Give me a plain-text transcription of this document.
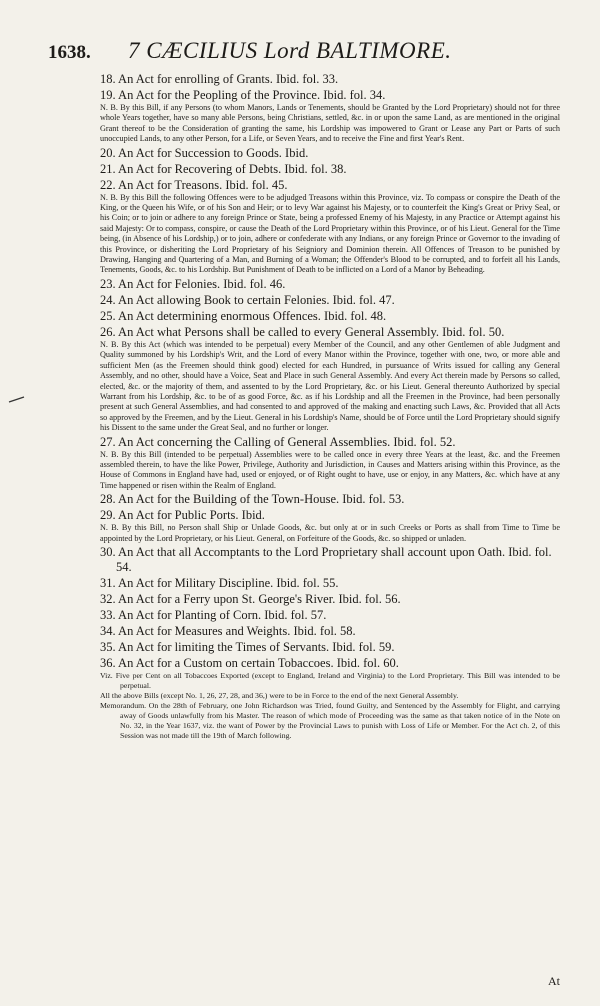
1638. 7 CÆCILIUS Lord BALTIMORE.

18. An Act for enrolling of Grants. Ibid. fol. 33.

19. An Act for the Peopling of the Province. Ibid. fol. 34.

N. B. By this Bill, if any Persons (to whom Manors, Lands or Tenements, should be Granted by the Lord Proprietary) should not for three whole Years together, have so many able Persons, being Christians, settled, &c. in or upon the same Land, as are mentioned in the original Grant thereof to be the Consideration of granting the same, his Lordship was impowered to Grant or Lease any Part or Parts of such unoccupied Lands, to any other Person, for a Life, or Seven Years, and to receive the Fine and first Year's Rent.

20. An Act for Succession to Goods. Ibid.

21. An Act for Recovering of Debts. Ibid. fol. 38.

22. An Act for Treasons. Ibid. fol. 45.

N. B. By this Bill the following Offences were to be adjudged Treasons within this Province, viz. To compass or conspire the Death of the King, or the Queen his Wife, or of his Son and Heir; or to levy War against his Majesty, or to counterfeit the King's Great or Privy Seal, or his Coin; or to join or adhere to any foreign Prince or State, being a professed Enemy of his Majesty, in any Practice or Attempt against his said Majesty: Or to compass, conspire, or cause the Death of the Lord Proprietary within this Province, or of his Lieut. General for the Time being, (in Absence of his Lordship,) or to join, adhere or confederate with any Indians, or any foreign Prince or Governor to the invading of this Province, or disheriting the Lord Proprietary of his Seigniory and Dominion therein. All Offences of Treason to be punished by Drawing, Hanging and Quartering of a Man, and Burning of a Woman; the Offender's Blood to be corrupted, and to forfeit all his Lands, Tenements, Goods, &c. to his Lordship. But Punishment of Death to be inflicted on a Lord of a Manor by Beheading.

23. An Act for Felonies. Ibid. fol. 46.

24. An Act allowing Book to certain Felonies. Ibid. fol. 47.

25. An Act determining enormous Offences. Ibid. fol. 48.

26. An Act what Persons shall be called to every General Assembly. Ibid. fol. 50.

N. B. By this Act (which was intended to be perpetual) every Member of the Council, and any other Gentlemen of able Judgment and Quality summoned by his Lordship's Writ, and the Lord of every Manor within the Province, together with one, two, or more able and sufficient Men (as the Freemen should think good) elected for each Hundred, in pursuance of Writs issued for calling any General Assembly, and no other, should have a Voice, Seat and Place in such General Assembly. And every Act therein made by Persons so called, elected, &c. or the majority of them, and assented to by the Lord Proprietary, &c. or his Lieut. General thereunto Authorized by special Warrant from his Lordship, &c. to be of as good Force, &c. as if his Lordship and all the Freemen in the Province, had been personally present at such General Assemblies, and had consented to and approved of the making and enacting such Laws, &c. Provided that all Acts so approved by the Freemen, and by the Lieut. General in his Lordship's Name, should be of Force until the Lord Proprietary should signify his Dissent to the same under the Great Seal, and no further or longer.

27. An Act concerning the Calling of General Assemblies. Ibid. fol. 52.

N. B. By this Bill (intended to be perpetual) Assemblies were to be called once in every three Years at the least, &c. and the Freemen assembled therein, to have the like Power, Privilege, Authority and Jurisdiction, in Causes and Matters arising within this Province, as the House of Commons in England have had, used or enjoyed, or of Right ought to have, use or enjoy, in any Matters, &c. which have at any Time happened or risen within the Realm of England.

28. An Act for the Building of the Town-House. Ibid. fol. 53.

29. An Act for Public Ports. Ibid.

N. B. By this Bill, no Person shall Ship or Unlade Goods, &c. but only at or in such Creeks or Ports as shall from Time to Time be appointed by the Lord Proprietary, or his Lieut. General, on Forfeiture of the Goods, &c. so shipped or unladen.

30. An Act that all Accomptants to the Lord Proprietary shall account upon Oath. Ibid. fol. 54.

31. An Act for Military Discipline. Ibid. fol. 55.

32. An Act for a Ferry upon St. George's River. Ibid. fol. 56.

33. An Act for Planting of Corn. Ibid. fol. 57.

34. An Act for Measures and Weights. Ibid. fol. 58.

35. An Act for limiting the Times of Servants. Ibid. fol. 59.

36. An Act for a Custom on certain Tobaccoes. Ibid. fol. 60.

Viz. Five per Cent on all Tobaccoes Exported (except to England, Ireland and Virginia) to the Lord Proprietary. This Bill was intended to be perpetual.

All the above Bills (except No. 1, 26, 27, 28, and 36,) were to be in Force to the end of the next General Assembly.

Memorandum. On the 28th of February, one John Richardson was Tried, found Guilty, and Sentenced by the Assembly for Flight, and carrying away of Goods unlawfully from his Master. The reason of which mode of Proceeding was the same as that taken notice of in the Note on No. 32, in the Year 1637, viz. the want of Power by the Provincial Laws to punish with Loss of Life or Member. For the Act ch. 2, of this Session was not made till the 19th of March following.

At
